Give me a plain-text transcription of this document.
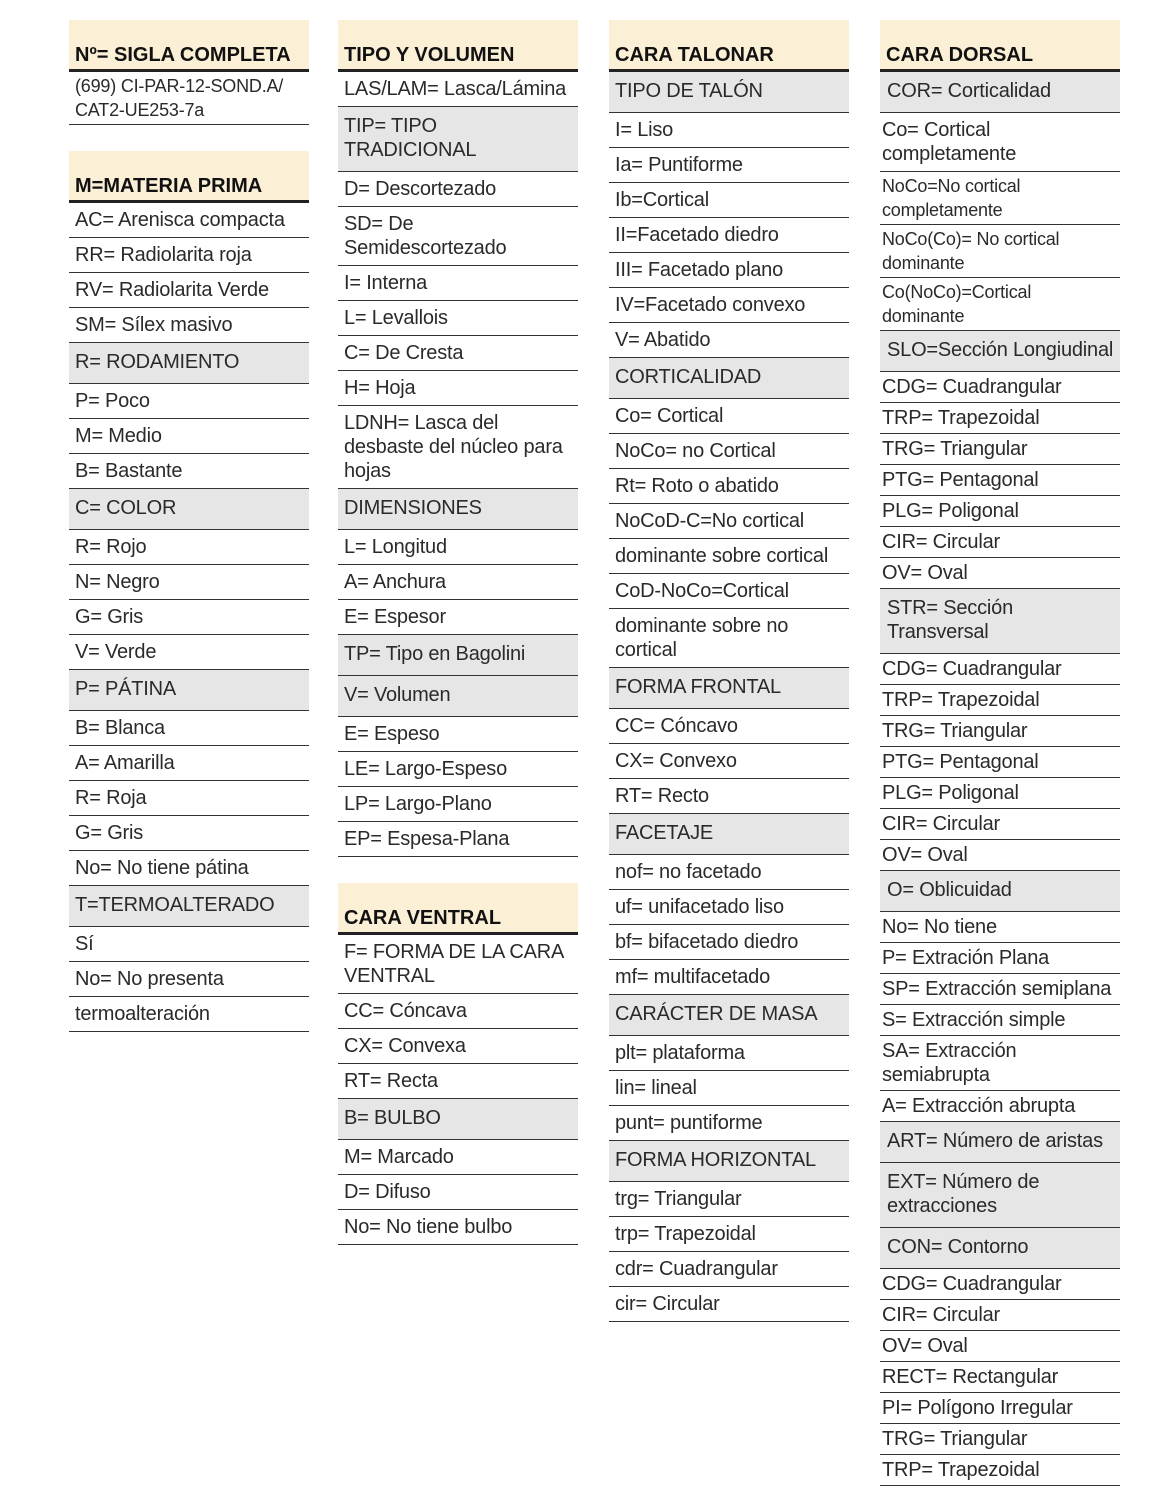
Nº= SIGLA COMPLETA
(699) CI-PAR-12-SOND.A/
CAT2-UE253-7a
M=MATERIA PRIMA
AC= Arenisca compacta
RR= Radiolarita roja
RV= Radiolarita Verde
SM= Sílex masivo
R= RODAMIENTO
P= Poco
M= Medio
B= Bastante
C= COLOR
R= Rojo
N= Negro
G= Gris
V= Verde
P= PÁTINA
B= Blanca
A= Amarilla
R= Roja
G= Gris
No= No tiene pátina
T=TERMOALTERADO
Sí
No= No presenta
termoalteración
TIPO Y VOLUMEN
LAS/LAM= Lasca/Lámina
TIP= TIPO TRADICIONAL
D= Descortezado
SD= De Semidescortezado
I= Interna
L= Levallois
C= De Cresta
H= Hoja
LDNH= Lasca del desbaste del núcleo para hojas
DIMENSIONES
L= Longitud
A= Anchura
E= Espesor
TP= Tipo en Bagolini
V= Volumen
E= Espeso
LE= Largo-Espeso
LP= Largo-Plano
EP= Espesa-Plana
CARA VENTRAL
F= FORMA DE LA CARA VENTRAL
CC= Cóncava
CX= Convexa
RT= Recta
B= BULBO
M= Marcado
D= Difuso
No= No tiene bulbo
CARA TALONAR
TIPO DE TALÓN
I= Liso
Ia= Puntiforme
Ib=Cortical
II=Facetado diedro
III= Facetado plano
IV=Facetado convexo
V= Abatido
CORTICALIDAD
Co= Cortical
NoCo= no Cortical
Rt= Roto o abatido
NoCoD-C=No cortical
dominante sobre cortical
CoD-NoCo=Cortical
dominante sobre no cortical
FORMA FRONTAL
CC= Cóncavo
CX= Convexo
RT= Recto
FACETAJE
nof= no facetado
uf= unifacetado liso
bf= bifacetado diedro
mf= multifacetado
CARÁCTER DE MASA
plt= plataforma
lin= lineal
punt= puntiforme
FORMA HORIZONTAL
trg= Triangular
trp= Trapezoidal
cdr= Cuadrangular
cir= Circular
CARA DORSAL
COR= Corticalidad
Co= Cortical completamente
NoCo=No cortical completamente
NoCo(Co)= No cortical dominante
Co(NoCo)=Cortical dominante
SLO=Sección Longiudinal
CDG= Cuadrangular
TRP= Trapezoidal
TRG= Triangular
PTG= Pentagonal
PLG= Poligonal
CIR= Circular
OV= Oval
STR= Sección Transversal
CDG= Cuadrangular
TRP= Trapezoidal
TRG= Triangular
PTG= Pentagonal
PLG= Poligonal
CIR= Circular
OV= Oval
O= Oblicuidad
No= No tiene
P= Extración Plana
SP= Extracción semiplana
S= Extracción simple
SA= Extracción semiabrupta
A= Extracción abrupta
ART= Número de aristas
EXT= Número de extracciones
CON= Contorno
CDG= Cuadrangular
CIR= Circular
OV= Oval
RECT= Rectangular
PI= Polígono Irregular
TRG= Triangular
TRP= Trapezoidal
